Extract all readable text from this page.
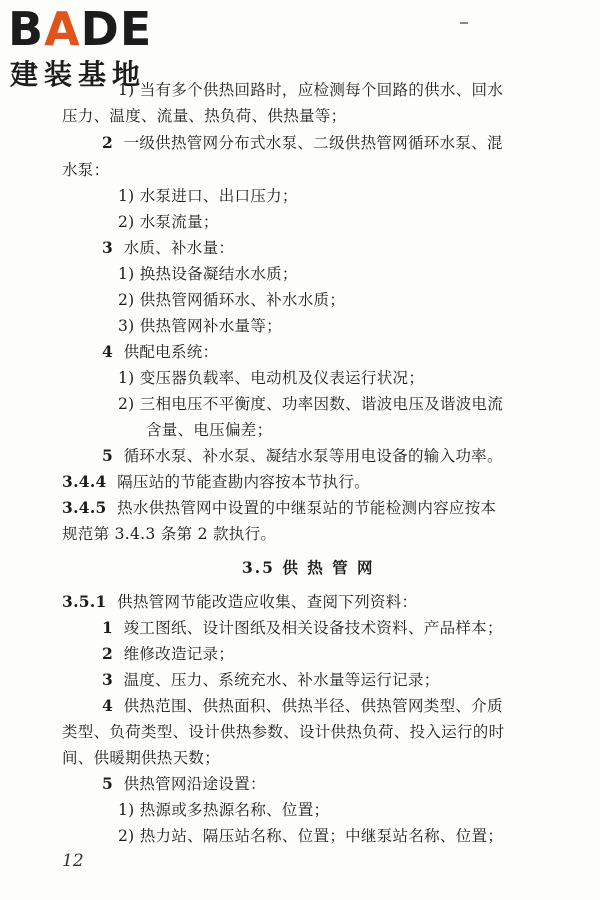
BADE
建装基地
1) 当有多个供热回路时，应检测每个回路的供水、回水
压力、温度、流量、热负荷、供热量等；
2 一级供热管网分布式水泵、二级供热管网循环水泵、混
水泵：
1) 水泵进口、出口压力；
2) 水泵流量；
3 水质、补水量：
1) 换热设备凝结水水质；
2) 供热管网循环水、补水水质；
3) 供热管网补水量等；
4 供配电系统：
1) 变压器负载率、电动机及仪表运行状况；
2) 三相电压不平衡度、功率因数、谐波电压及谐波电流
含量、电压偏差；
5 循环水泵、补水泵、凝结水泵等用电设备的输入功率。
3.4.4 隔压站的节能查勘内容按本节执行。
3.4.5 热水供热管网中设置的中继泵站的节能检测内容应按本
规范第 3.4.3 条第 2 款执行。
3.5 供 热 管 网
3.5.1 供热管网节能改造应收集、查阅下列资料：
1 竣工图纸、设计图纸及相关设备技术资料、产品样本；
2 维修改造记录；
3 温度、压力、系统充水、补水量等运行记录；
4 供热范围、供热面积、供热半径、供热管网类型、介质
类型、负荷类型、设计供热参数、设计供热负荷、投入运行的时
间、供暖期供热天数；
5 供热管网沿途设置：
1) 热源或多热源名称、位置；
2) 热力站、隔压站名称、位置；中继泵站名称、位置；
12
